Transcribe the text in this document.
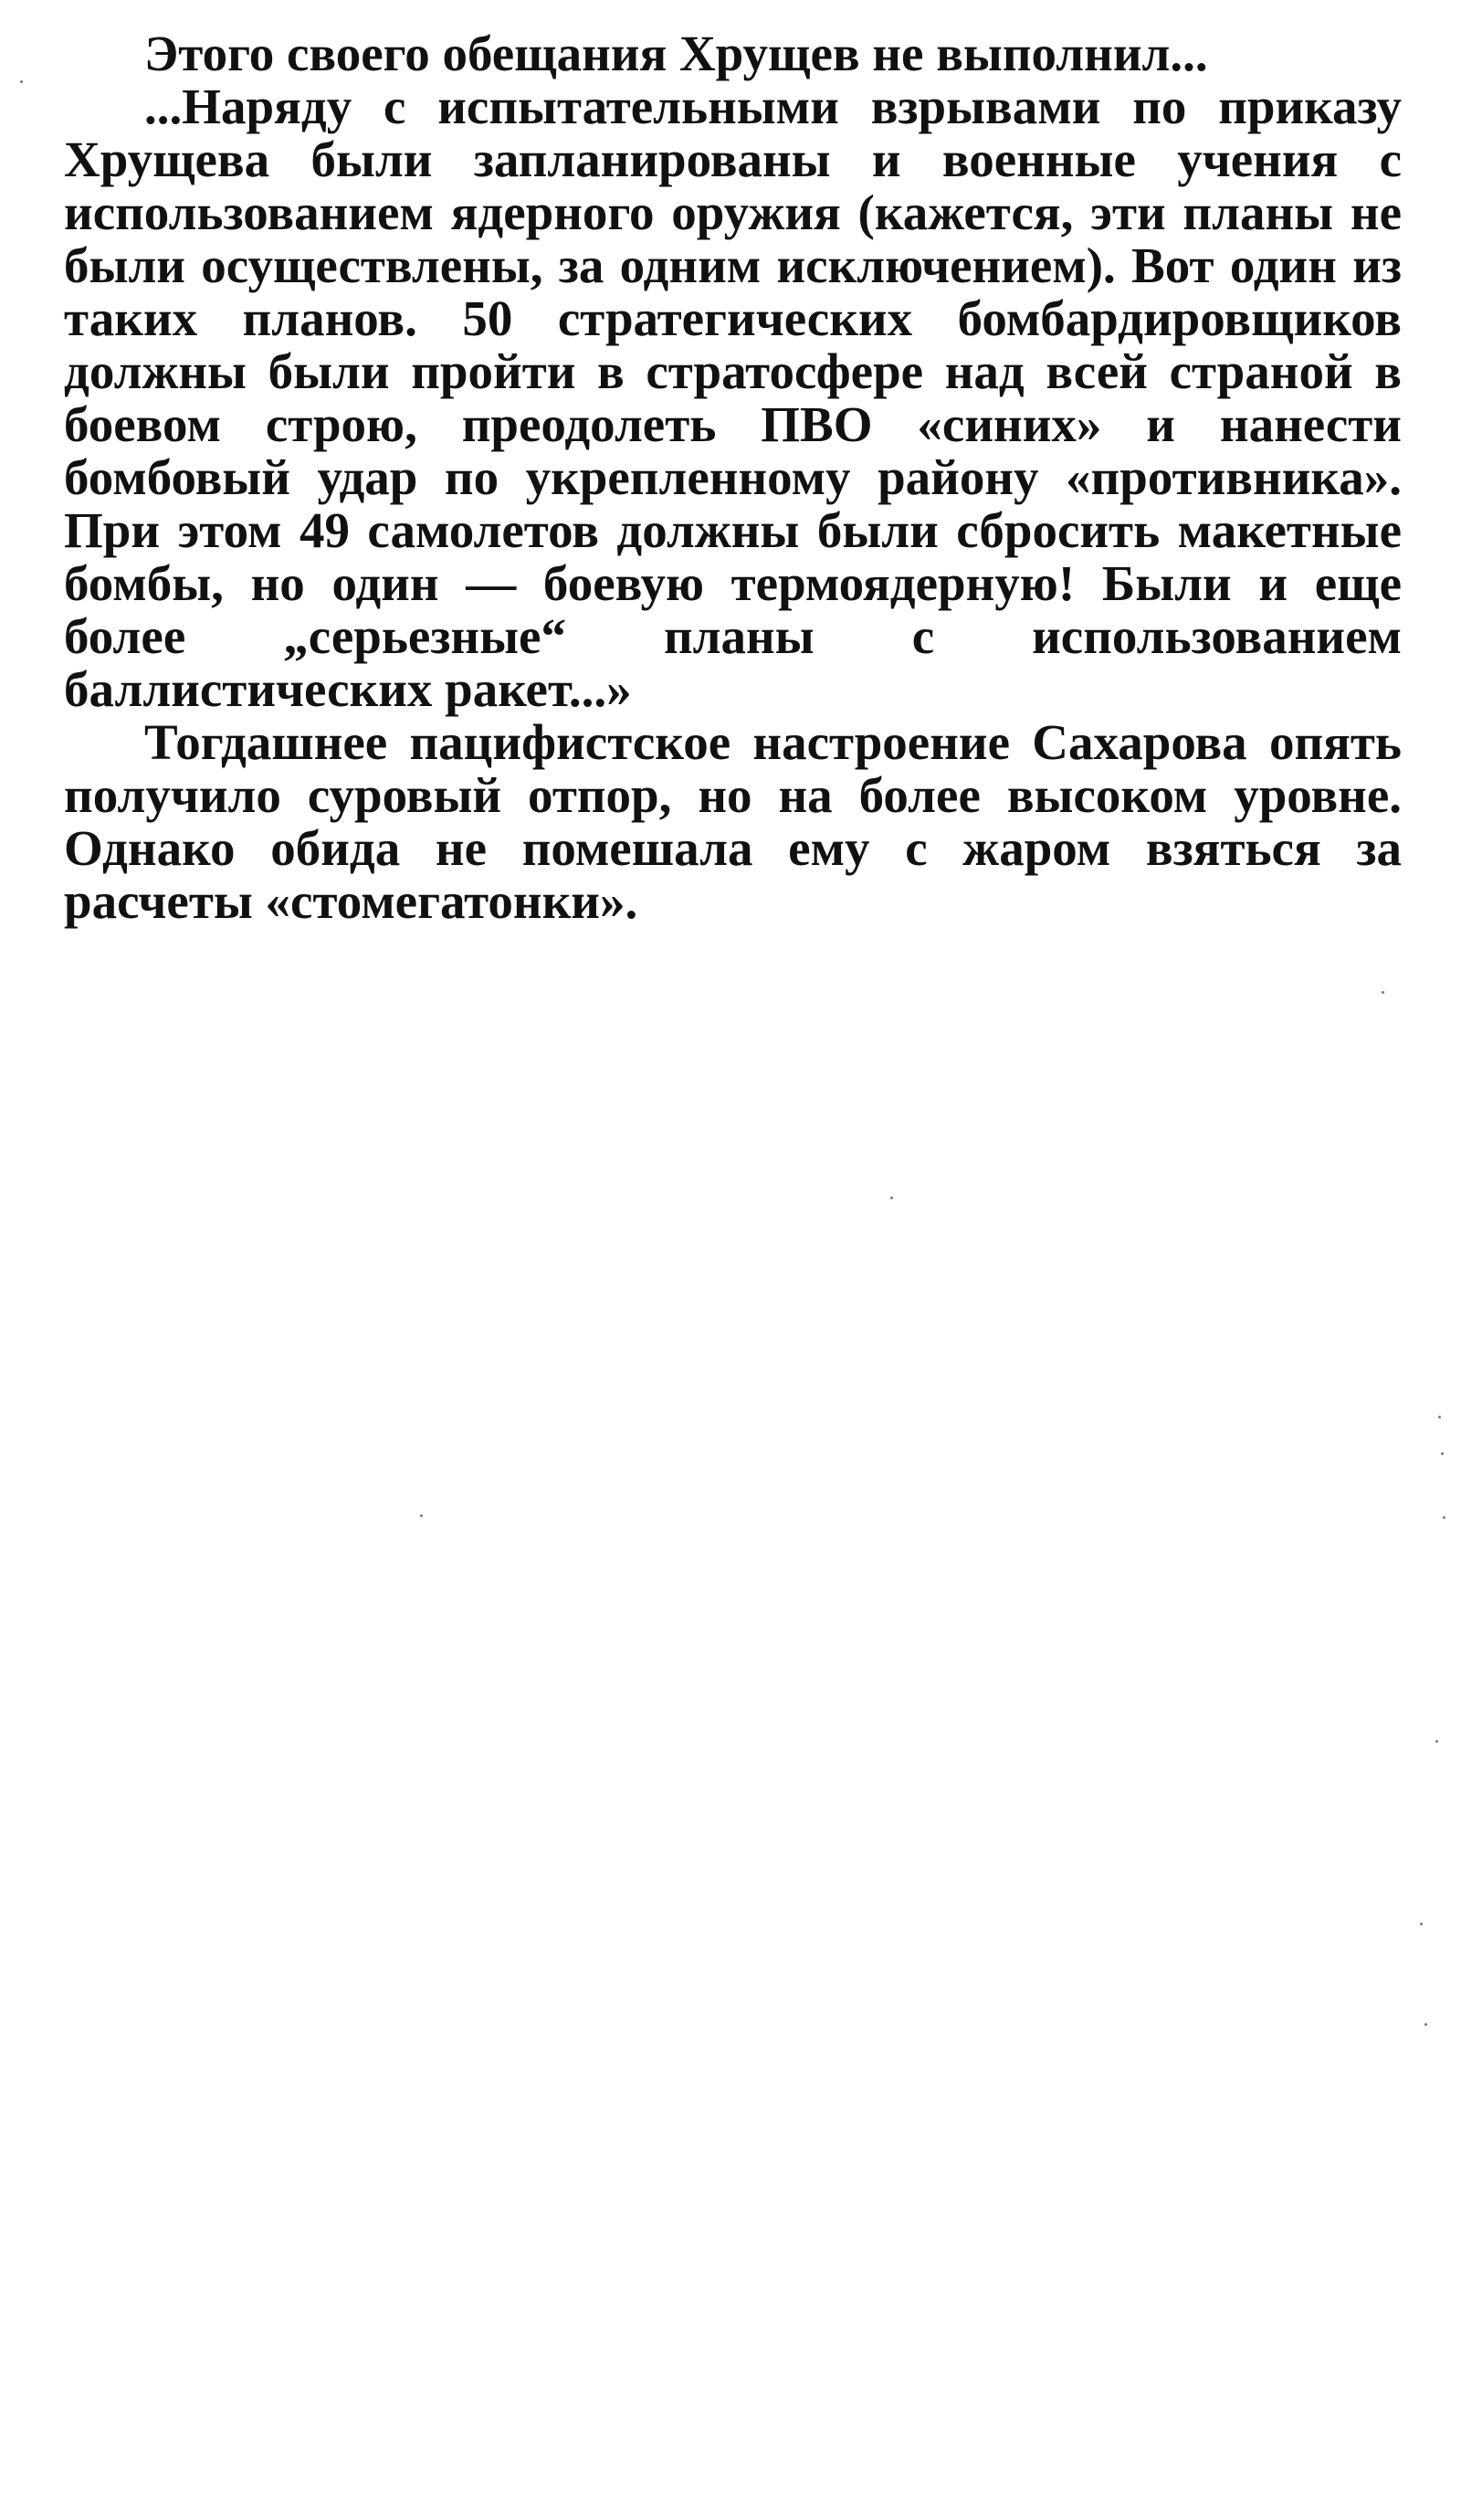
Этого своего обещания Хрущев не выполнил...

...Наряду с испытательными взрывами по приказу Хрущева были запланированы и военные учения с использованием ядерного оружия (кажется, эти планы не были осуществлены, за одним исключением). Вот один из таких планов. 50 стратегических бомбардировщиков должны были пройти в стратосфере над всей страной в боевом строю, преодолеть ПВО «синих» и нанести бомбовый удар по укрепленному району «противника». При этом 49 самолетов должны были сбросить макетные бомбы, но один — боевую термоядерную! Были и еще более „серьезные“ планы с использованием баллистических ракет...»

Тогдашнее пацифистское настроение Сахарова опять получило суровый отпор, но на более высоком уровне. Однако обида не помешала ему с жаром взяться за расчеты «стомегатонки».
